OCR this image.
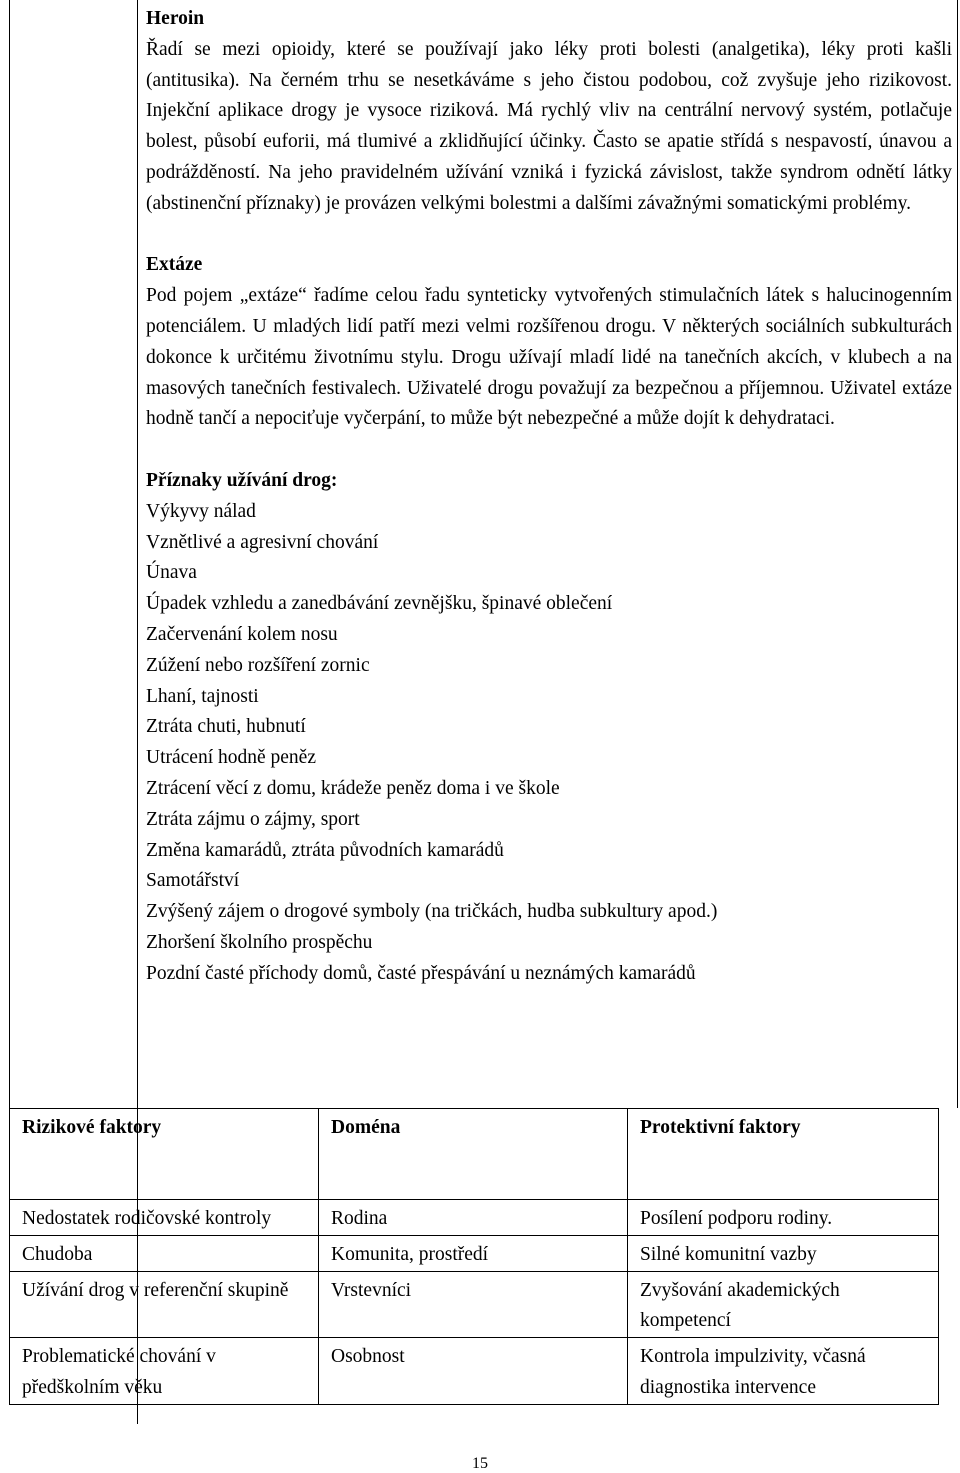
Heroin

Řadí se mezi opioidy, které se používají jako léky proti bolesti (analgetika), léky proti kašli (antitusika). Na černém trhu se nesetkáváme s jeho čistou podobou, což zvyšuje jeho rizikovost. Injekční aplikace drogy je vysoce riziková. Má rychlý vliv na centrální nervový systém, potlačuje bolest, působí euforii, má tlumivé a zklidňující účinky. Často se apatie střídá s nespavostí, únavou a podrážděností. Na jeho pravidelném užívání vzniká i fyzická závislost, takže syndrom odnětí látky (abstinenční příznaky) je provázen velkými bolestmi a dalšími závažnými somatickými problémy.

Extáze

Pod pojem „extáze“ řadíme celou řadu synteticky vytvořených stimulačních látek s halucinogenním potenciálem. U mladých lidí patří mezi velmi rozšířenou drogu. V některých sociálních subkulturách dokonce k určitému životnímu stylu. Drogu užívají mladí lidé na tanečních akcích, v klubech a na masových tanečních festivalech. Uživatelé drogu považují za bezpečnou a příjemnou. Uživatel extáze hodně tančí a nepociťuje vyčerpání, to může být nebezpečné a může dojít k dehydrataci.

Příznaky užívání drog:

Výkyvy nálad
Vznětlivé a agresivní chování
Únava
Úpadek vzhledu a zanedbávání zevnějšku, špinavé oblečení
Začervenání kolem nosu
Zúžení nebo rozšíření zornic
Lhaní, tajnosti
Ztráta chuti, hubnutí
Utrácení hodně peněz
Ztrácení věcí z domu, krádeže peněz doma i ve škole
Ztráta zájmu o zájmy, sport
Změna kamarádů, ztráta původních kamarádů
Samotářství
Zvýšený zájem o drogové symboly (na tričkách, hudba subkultury apod.)
Zhoršení školního prospěchu
Pozdní časté příchody domů, časté přespávání u neznámých kamarádů
Rizikové faktory	Doména	Protektivní faktory
Nedostatek rodičovské kontroly	Rodina	Posílení podporu rodiny.
Chudoba	Komunita, prostředí	Silné komunitní vazby
Užívání drog v referenční skupině	Vrstevníci	Zvyšování akademických kompetencí
Problematické chování v předškolním věku	Osobnost	Kontrola impulzivity, včasná diagnostika intervence
15
